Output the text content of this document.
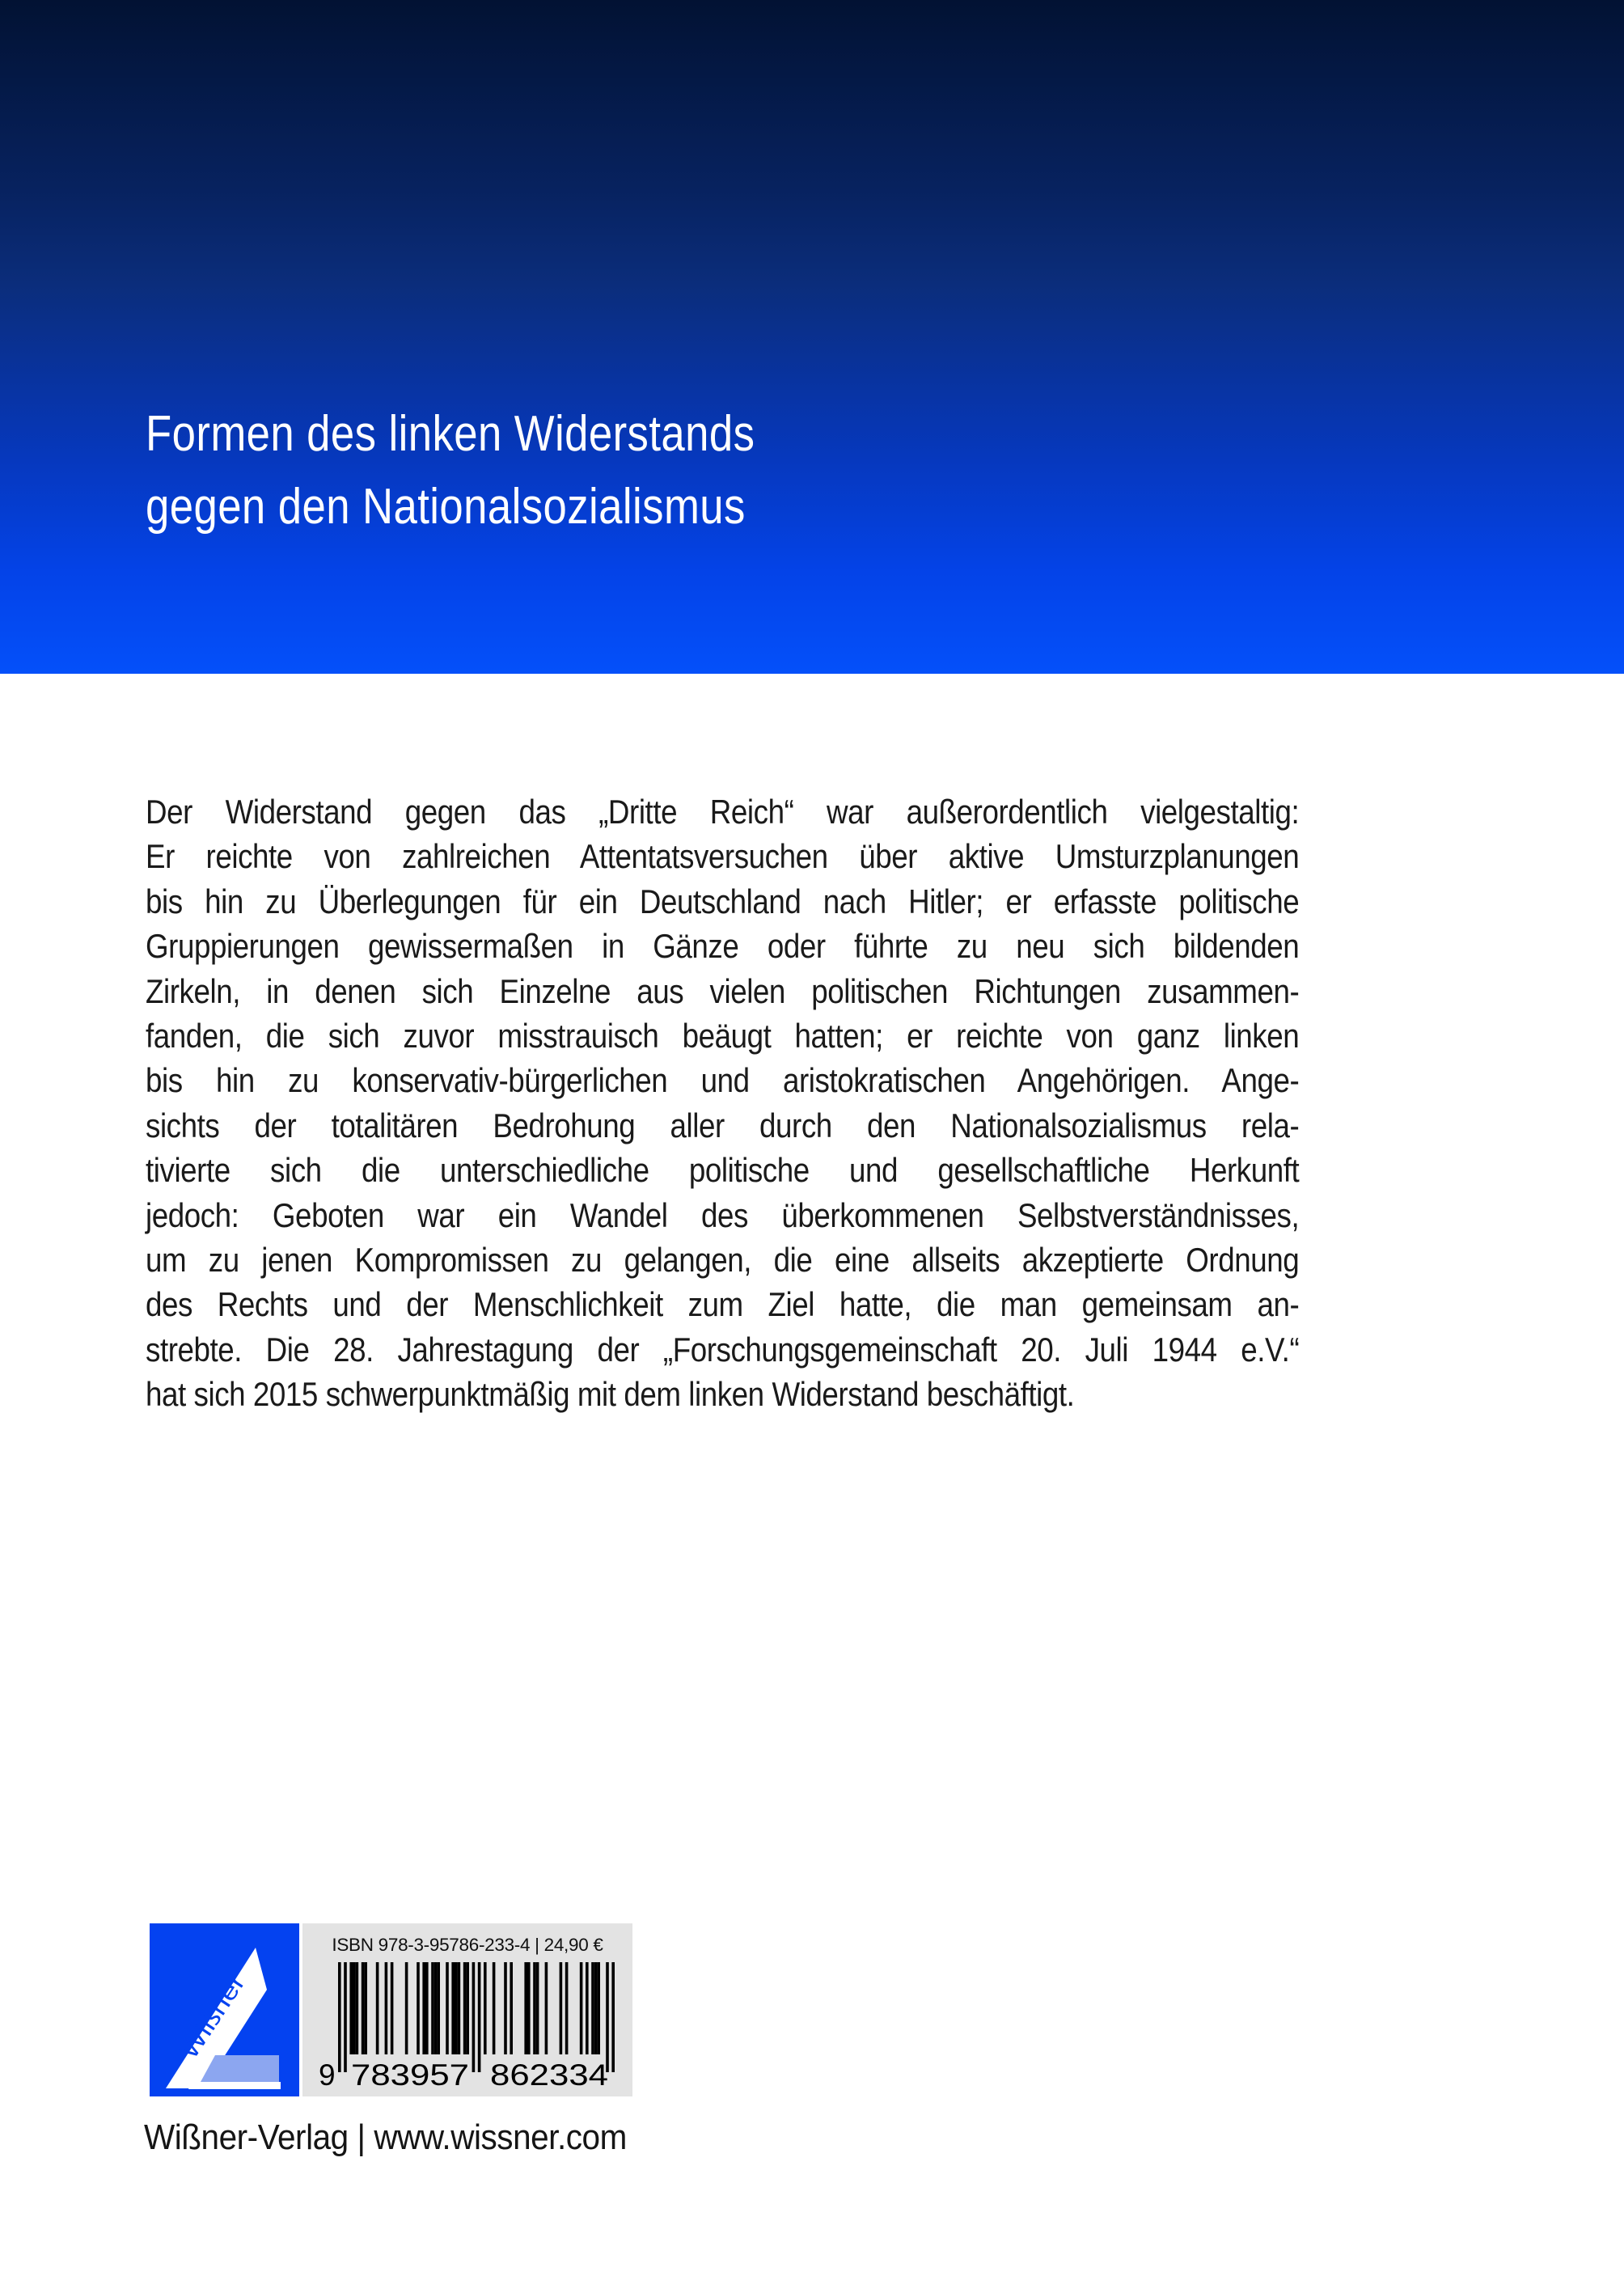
Formen des linken Widerstands
gegen den Nationalsozialismus
Der Widerstand gegen das „Dritte Reich“ war außerordentlich vielgestaltig:
Er reichte von zahlreichen Attentatsversuchen über aktive Umsturzplanungen
bis hin zu Überlegungen für ein Deutschland nach Hitler; er erfasste politische
Gruppierungen gewissermaßen in Gänze oder führte zu neu sich bildenden
Zirkeln, in denen sich Einzelne aus vielen politischen Richtungen zusammen-
fanden, die sich zuvor misstrauisch beäugt hatten; er reichte von ganz linken
bis hin zu konservativ-bürgerlichen und aristokratischen Angehörigen. Ange-
sichts der totalitären Bedrohung aller durch den Nationalsozialismus rela-
tivierte sich die unterschiedliche politische und gesellschaftliche Herkunft
jedoch: Geboten war ein Wandel des überkommenen Selbstverständnisses,
um zu jenen Kompromissen zu gelangen, die eine allseits akzeptierte Ordnung
des Rechts und der Menschlichkeit zum Ziel hatte, die man gemeinsam an-
strebte. Die 28. Jahrestagung der „Forschungsgemeinschaft 20. Juli 1944 e.V.“
hat sich 2015 schwerpunktmäßig mit dem linken Widerstand beschäftigt.
Wißner
ISBN 978-3-95786-233-4 | 24,90 €
9 783957 862334
Wißner-Verlag | www.wissner.com
